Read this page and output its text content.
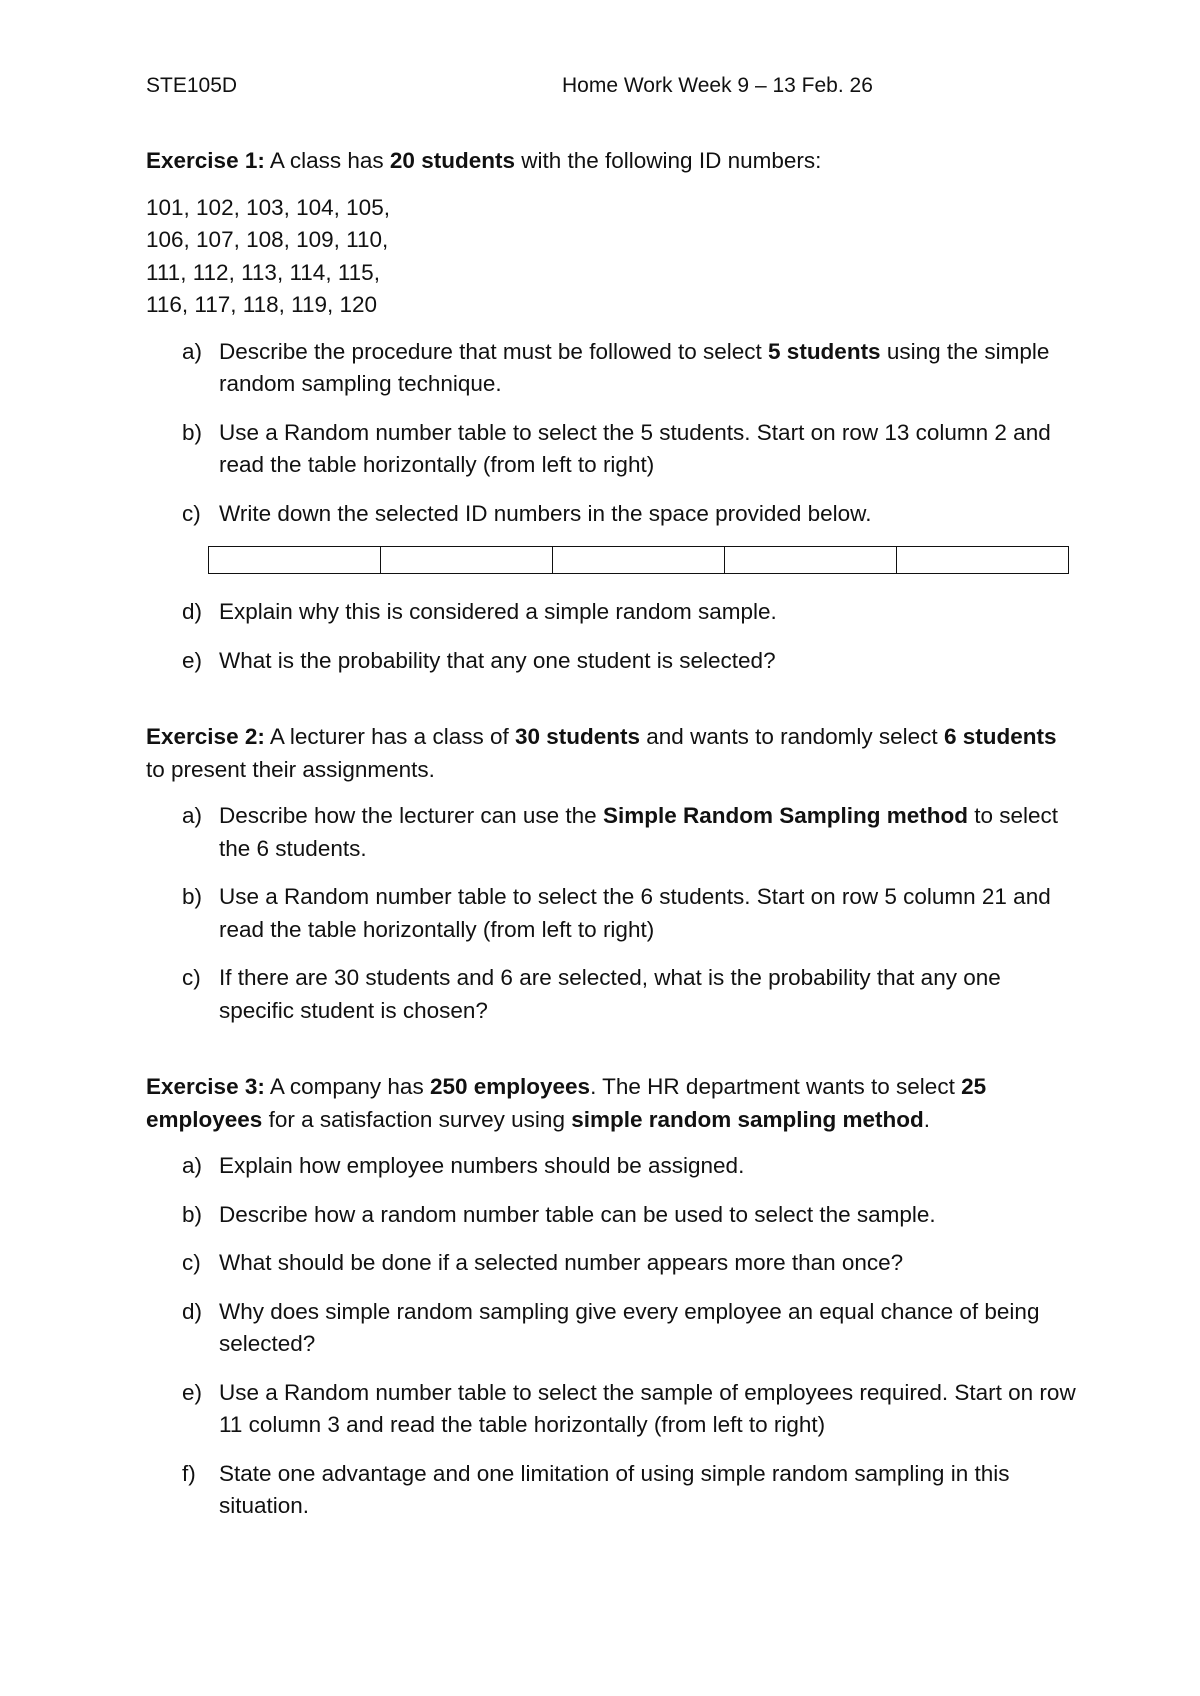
STE105D	Home Work Week 9 – 13 Feb. 26

Exercise 1: A class has 20 students with the following ID numbers:

101, 102, 103, 104, 105,
106, 107, 108, 109, 110,
111, 112, 113, 114, 115,
116, 117, 118, 119, 120
a) Describe the procedure that must be followed to select 5 students using the simple random sampling technique.
b) Use a Random number table to select the 5 students. Start on row 13 column 2 and read the table horizontally (from left to right)
c) Write down the selected ID numbers in the space provided below.

d) Explain why this is considered a simple random sample.
e) What is the probability that any one student is selected?

Exercise 2: A lecturer has a class of 30 students and wants to randomly select 6 students to present their assignments.

a) Describe how the lecturer can use the Simple Random Sampling method to select the 6 students.
b) Use a Random number table to select the 6 students. Start on row 5 column 21 and read the table horizontally (from left to right)
c) If there are 30 students and 6 are selected, what is the probability that any one specific student is chosen?

Exercise 3: A company has 250 employees. The HR department wants to select 25 employees for a satisfaction survey using simple random sampling method.

a) Explain how employee numbers should be assigned.
b) Describe how a random number table can be used to select the sample.
c) What should be done if a selected number appears more than once?
d) Why does simple random sampling give every employee an equal chance of being selected?
e) Use a Random number table to select the sample of employees required. Start on row 11 column 3 and read the table horizontally (from left to right)
f) State one advantage and one limitation of using simple random sampling in this situation.
